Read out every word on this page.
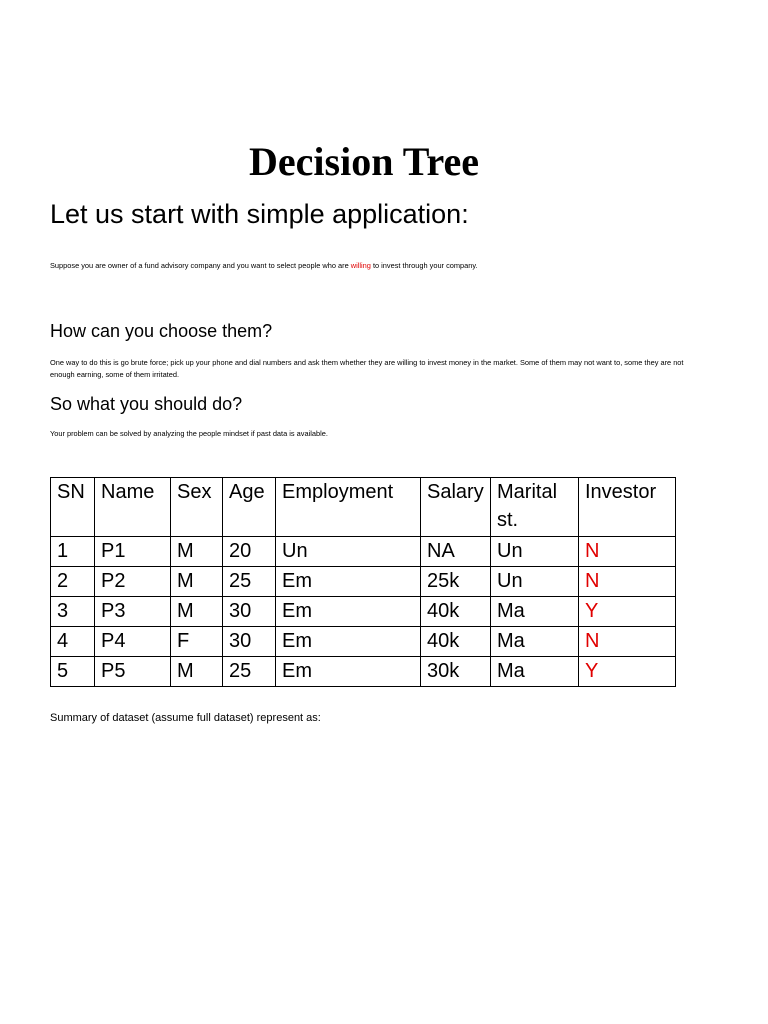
Decision Tree
Let us start with simple application:

Suppose you are owner of a fund advisory company and you want to select people who are willing to invest through your company.

How can you choose them?

One way to do this is go brute force; pick up your phone and dial numbers and ask them whether they are willing to invest money in the market. Some of them may not want to, some they are not enough earning, some of them irritated.

So what you should do?

Your problem can be solved by analyzing the people mindset if past data is available.

SN	Name	Sex	Age	Employment	Salary	Marital st.	Investor
1	P1	M	20	Un	NA	Un	N
2	P2	M	25	Em	25k	Un	N
3	P3	M	30	Em	40k	Ma	Y
4	P4	F	30	Em	40k	Ma	N
5	P5	M	25	Em	30k	Ma	Y

Summary of dataset (assume full dataset) represent as:
